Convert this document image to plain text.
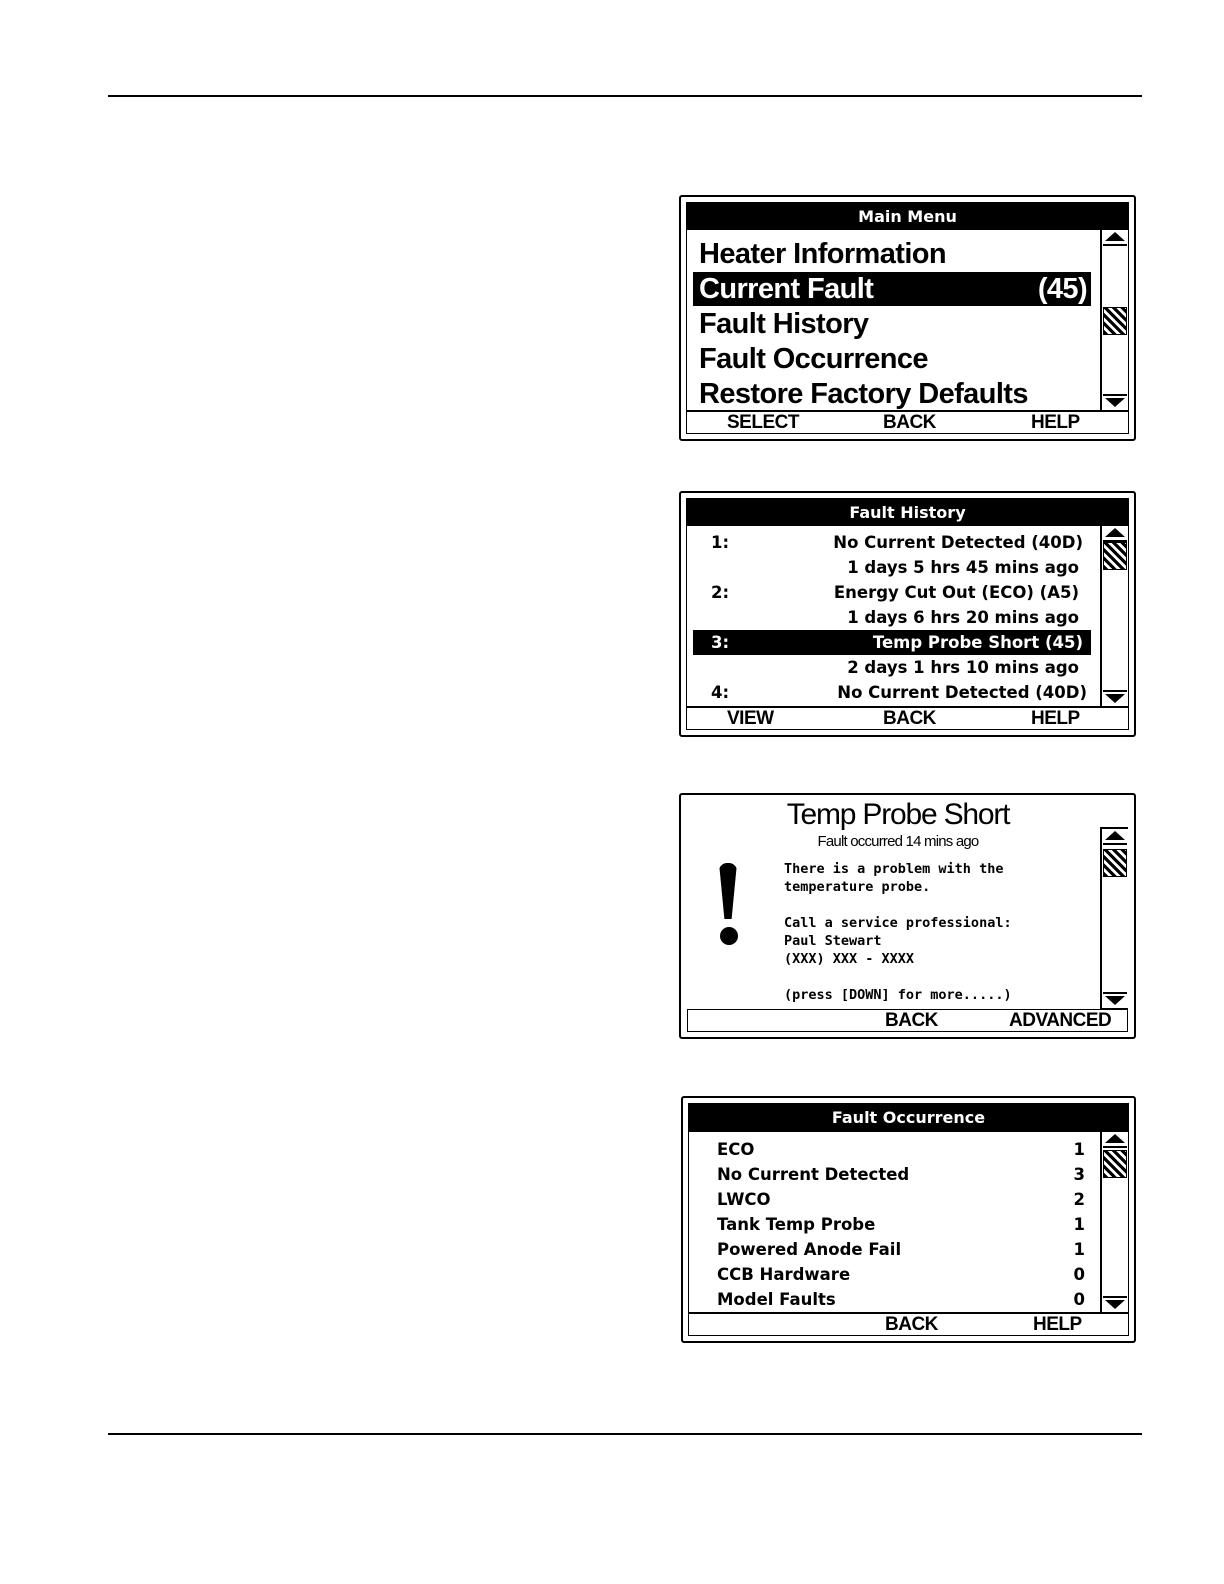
Main Menu
Heater Information
Current Fault	(45)
Fault History
Fault Occurrence
Restore Factory Defaults
SELECT	BACK	HELP
Fault History
1:	No Current Detected (40D)
1 days 5 hrs 45 mins ago
2:	Energy Cut Out (ECO) (A5)
1 days 6 hrs 20 mins ago
3:	Temp Probe Short (45)
2 days 1 hrs 10 mins ago
4:	No Current Detected (40D)
VIEW	BACK	HELP
Temp Probe Short
Fault occurred 14 mins ago
There is a problem with the
temperature probe.
Call a service professional:
Paul Stewart
(XXX) XXX - XXXX
(press [DOWN] for more.....)
BACK	ADVANCED
Fault Occurrence
ECO	1
No Current Detected	3
LWCO	2
Tank Temp Probe	1
Powered Anode Fail	1
CCB Hardware	0
Model Faults	0
BACK	HELP
